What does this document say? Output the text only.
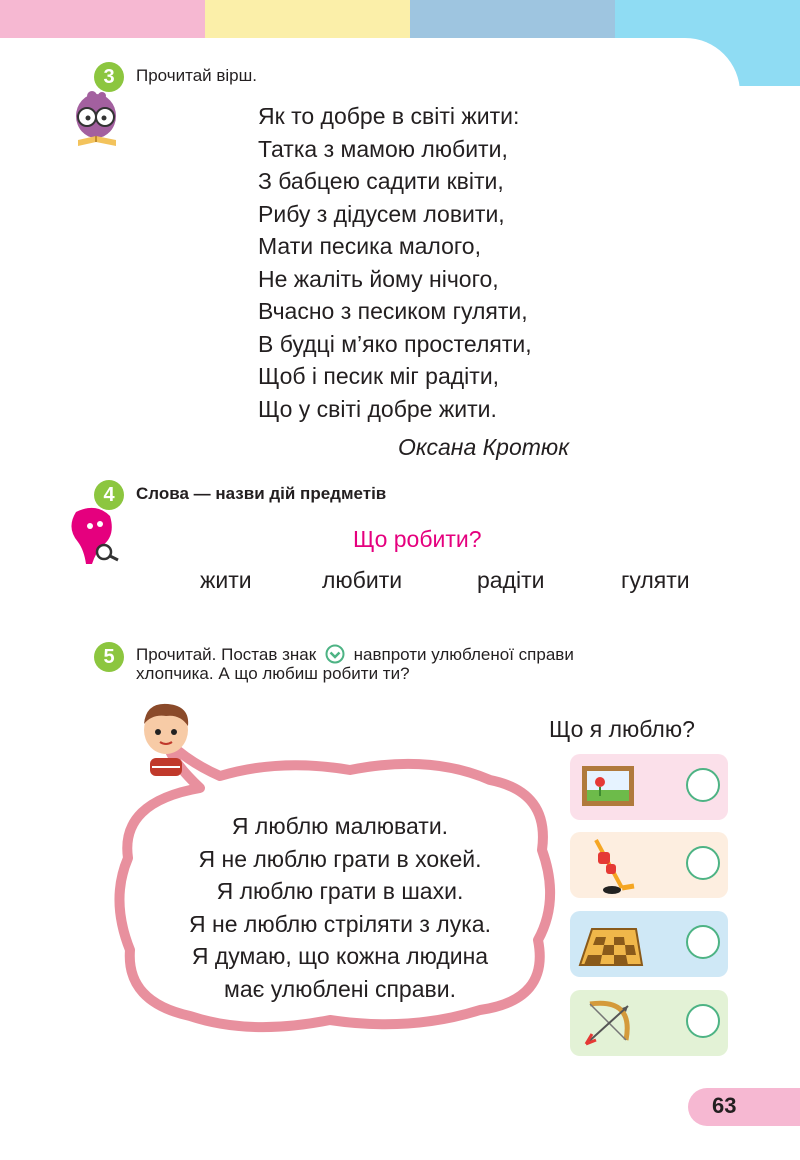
3	Прочитай вірш.
Як то добре в світі жити:
Татка з мамою любити,
З бабцею садити квіти,
Рибу з дідусем ловити,
Мати песика малого,
Не жаліть йому нічого,
Вчасно з песиком гуляти,
В будці м’яко простеляти,
Щоб і песик міг радіти,
Що у світі добре жити.
Оксана Кротюк
4	Слова — назви дій предметів
Що робити?
жити	любити	радіти	гуляти
5	Прочитай. Постав знак навпроти улюбленої справи
хлопчика. А що любиш робити ти?
Я люблю малювати.
Я не люблю грати в хокей.
Я люблю грати в шахи.
Я не люблю стріляти з лука.
Я думаю, що кожна людина
має улюблені справи.
Що я люблю?
63
